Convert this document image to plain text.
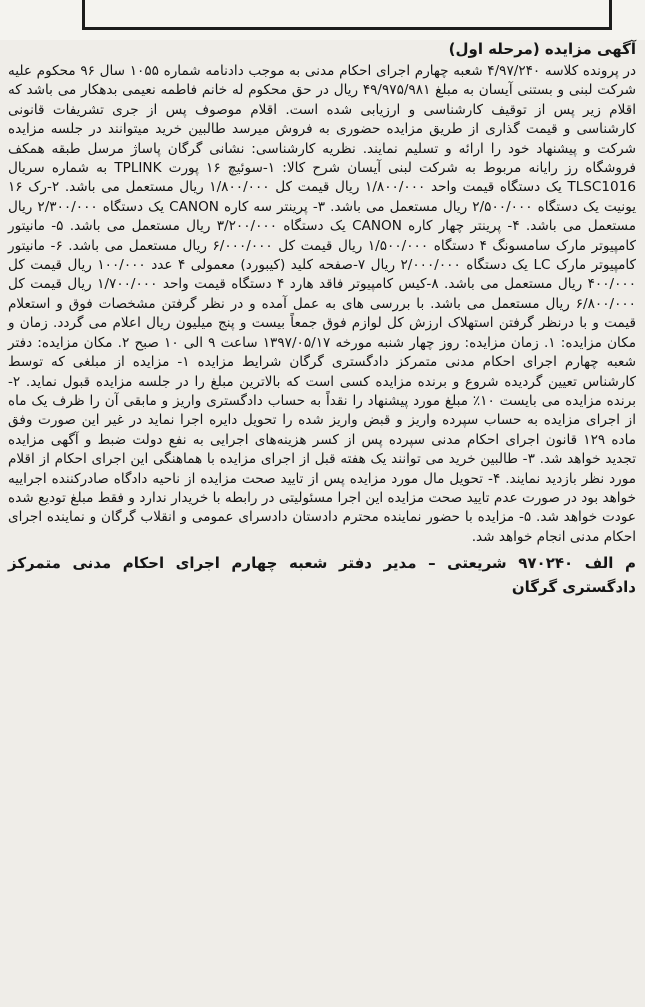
آگهی مزایده (مرحله اول)

در پرونده کلاسه ۴/۹۷/۲۴۰ شعبه چهارم اجرای احکام مدنی به موجب دادنامه شماره ۱۰۵۵ سال ۹۶ محکوم علیه شرکت لبنی و بستنی آیسان به مبلغ ۴۹/۹۷۵/۹۸۱ ریال در حق محکوم له خانم فاطمه نعیمی بدهکار می باشد که اقلام زیر پس از توقیف کارشناسی و ارزیابی شده است. اقلام موصوف پس از جری تشریفات قانونی کارشناسی و قیمت گذاری از طریق مزایده حضوری به فروش میرسد طالبین خرید میتوانند در جلسه مزایده شرکت و پیشنهاد خود را ارائه و تسلیم نمایند. نظریه کارشناسی: نشانی گرگان پاساژ مرسل طبقه همکف فروشگاه رز رایانه مربوط به شرکت لبنی آیسان شرح کالا: ۱-سوئیچ ۱۶ پورت TPLINK به شماره سریال TLSC1016 یک دستگاه قیمت واحد ۱/۸۰۰/۰۰۰ ریال قیمت کل ۱/۸۰۰/۰۰۰ ریال مستعمل می باشد. ۲-رک ۱۶ یونیت یک دستگاه ۲/۵۰۰/۰۰۰ ریال مستعمل می باشد. ۳- پرینتر سه کاره CANON یک دستگاه ۲/۳۰۰/۰۰۰ ریال مستعمل می باشد. ۴- پرینتر چهار کاره CANON یک دستگاه ۳/۲۰۰/۰۰۰ ریال مستعمل می باشد. ۵- مانیتور کامپیوتر مارک سامسونگ ۴ دستگاه ۱/۵۰۰/۰۰۰ ریال قیمت کل ۶/۰۰۰/۰۰۰ ریال مستعمل می باشد. ۶- مانیتور کامپیوتر مارک LC یک دستگاه ۲/۰۰۰/۰۰۰ ریال ۷-صفحه کلید (کیبورد) معمولی ۴ عدد ۱۰۰/۰۰۰ ریال قیمت کل ۴۰۰/۰۰۰ ریال مستعمل می باشد. ۸-کیس کامپیوتر فاقد هارد ۴ دستگاه قیمت واحد ۱/۷۰۰/۰۰۰ ریال قیمت کل ۶/۸۰۰/۰۰۰ ریال مستعمل می باشد. با بررسی های به عمل آمده و در نظر گرفتن مشخصات فوق و استعلام قیمت و با درنظر گرفتن استهلاک ارزش کل لوازم فوق جمعاً بیست و پنج میلیون ریال اعلام می گردد. زمان و مکان مزایده: ۱. زمان مزایده: روز چهار شنبه مورخه ۱۳۹۷/۰۵/۱۷ ساعت ۹ الی ۱۰ صبح ۲. مکان مزایده: دفتر شعبه چهارم اجرای احکام مدنی متمرکز دادگستری گرگان شرایط مزایده ۱- مزایده از مبلغی که توسط کارشناس تعیین گردیده شروع و برنده مزایده کسی است که بالاترین مبلغ را در جلسه مزایده قبول نماید. ۲- برنده مزایده می بایست ۱۰٪ مبلغ مورد پیشنهاد را نقداً به حساب دادگستری واریز و مابقی آن را ظرف یک ماه از اجرای مزایده به حساب سپرده واریز و قبض واریز شده را تحویل دایره اجرا نماید در غیر این صورت وفق ماده ۱۲۹ قانون اجرای احکام مدنی سپرده پس از کسر هزینه‌های اجرایی به نفع دولت ضبط و آگهی مزایده تجدید خواهد شد. ۳- طالبین خرید می توانند یک هفته قبل از اجرای مزایده با هماهنگی این اجرای احکام از اقلام مورد نظر بازدید نمایند. ۴- تحویل مال مورد مزایده پس از تایید صحت مزایده از ناحیه دادگاه صادرکننده اجراییه خواهد بود در صورت عدم تایید صحت مزایده این اجرا مسئولیتی در رابطه با خریدار ندارد و فقط مبلغ تودیع شده عودت خواهد شد. ۵- مزایده با حضور نماینده محترم دادستان دادسرای عمومی و انقلاب گرگان و نماینده اجرای احکام مدنی انجام خواهد شد.

م الف ۹۷۰۲۴۰ شریعتی – مدیر دفتر شعبه چهارم اجرای احکام مدنی متمرکز دادگستری گرگان
